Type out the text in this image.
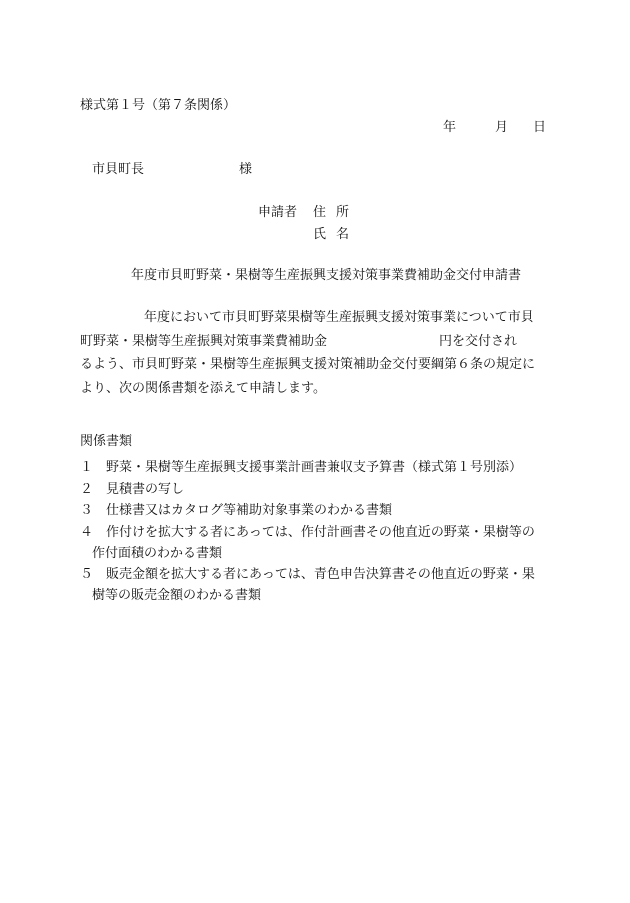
様式第１号（第７条関係）
年	月 日
市貝町長	様
申請者 住所
氏名
年度市貝町野菜・果樹等生産振興支援対策事業費補助金交付申請書
年度において市貝町野菜果樹等生産振興支援対策事業について市貝
町野菜・果樹等生産振興対策事業費補助金	円を交付され
るよう、市貝町野菜・果樹等生産振興支援対策補助金交付要綱第６条の規定に
より、次の関係書類を添えて申請します。
関係書類
１ 野菜・果樹等生産振興支援事業計画書兼収支予算書（様式第１号別添）
２ 見積書の写し
３ 仕様書又はカタログ等補助対象事業のわかる書類
４ 作付けを拡大する者にあっては、作付計画書その他直近の野菜・果樹等の
作付面積のわかる書類
５ 販売金額を拡大する者にあっては、青色申告決算書その他直近の野菜・果
樹等の販売金額のわかる書類
